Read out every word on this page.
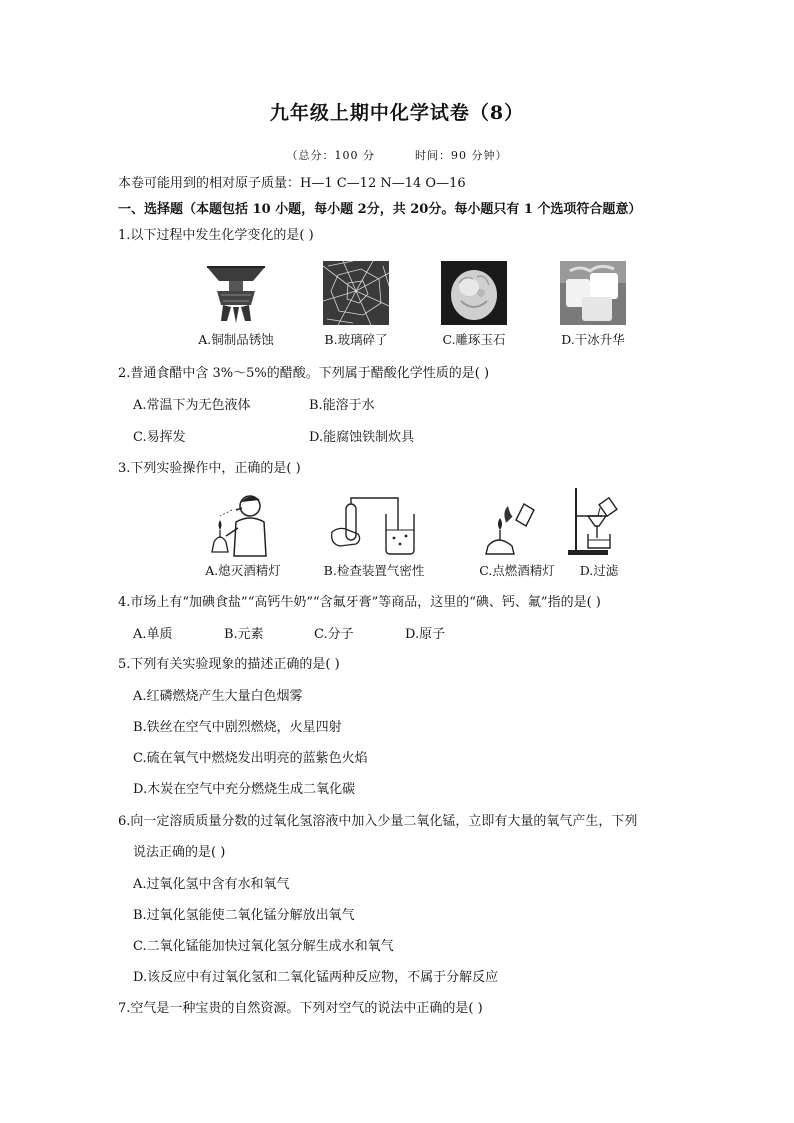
九年级上期中化学试卷（8）
（总分：100 分	时间：90 分钟）
本卷可能用到的相对原子质量：H—1 C—12 N—14 O—16
一、选择题（本题包括 10 小题，每小题 2分，共 20分。每小题只有 1 个选项符合题意）
1.以下过程中发生化学变化的是( )
A.铜制品锈蚀	B.玻璃碎了	C.雕琢玉石	D.干冰升华
2.普通食醋中含 3%～5%的醋酸。下列属于醋酸化学性质的是( )
A.常温下为无色液体	B.能溶于水
C.易挥发	D.能腐蚀铁制炊具
3.下列实验操作中，正确的是( )
A.熄灭酒精灯	B.检查装置气密性	C.点燃酒精灯	D.过滤
4.市场上有“加碘食盐”“高钙牛奶”“含氟牙膏”等商品，这里的“碘、钙、氟”指的是( )
A.单质	B.元素	C.分子	D.原子
5.下列有关实验现象的描述正确的是( )
A.红磷燃烧产生大量白色烟雾
B.铁丝在空气中剧烈燃烧，火星四射
C.硫在氧气中燃烧发出明亮的蓝紫色火焰
D.木炭在空气中充分燃烧生成二氧化碳
6.向一定溶质质量分数的过氧化氢溶液中加入少量二氧化锰，立即有大量的氧气产生，下列
说法正确的是( )
A.过氧化氢中含有水和氧气
B.过氧化氢能使二氧化锰分解放出氧气
C.二氧化锰能加快过氧化氢分解生成水和氧气
D.该反应中有过氧化氢和二氧化锰两种反应物，不属于分解反应
7.空气是一种宝贵的自然资源。下列对空气的说法中正确的是( )
